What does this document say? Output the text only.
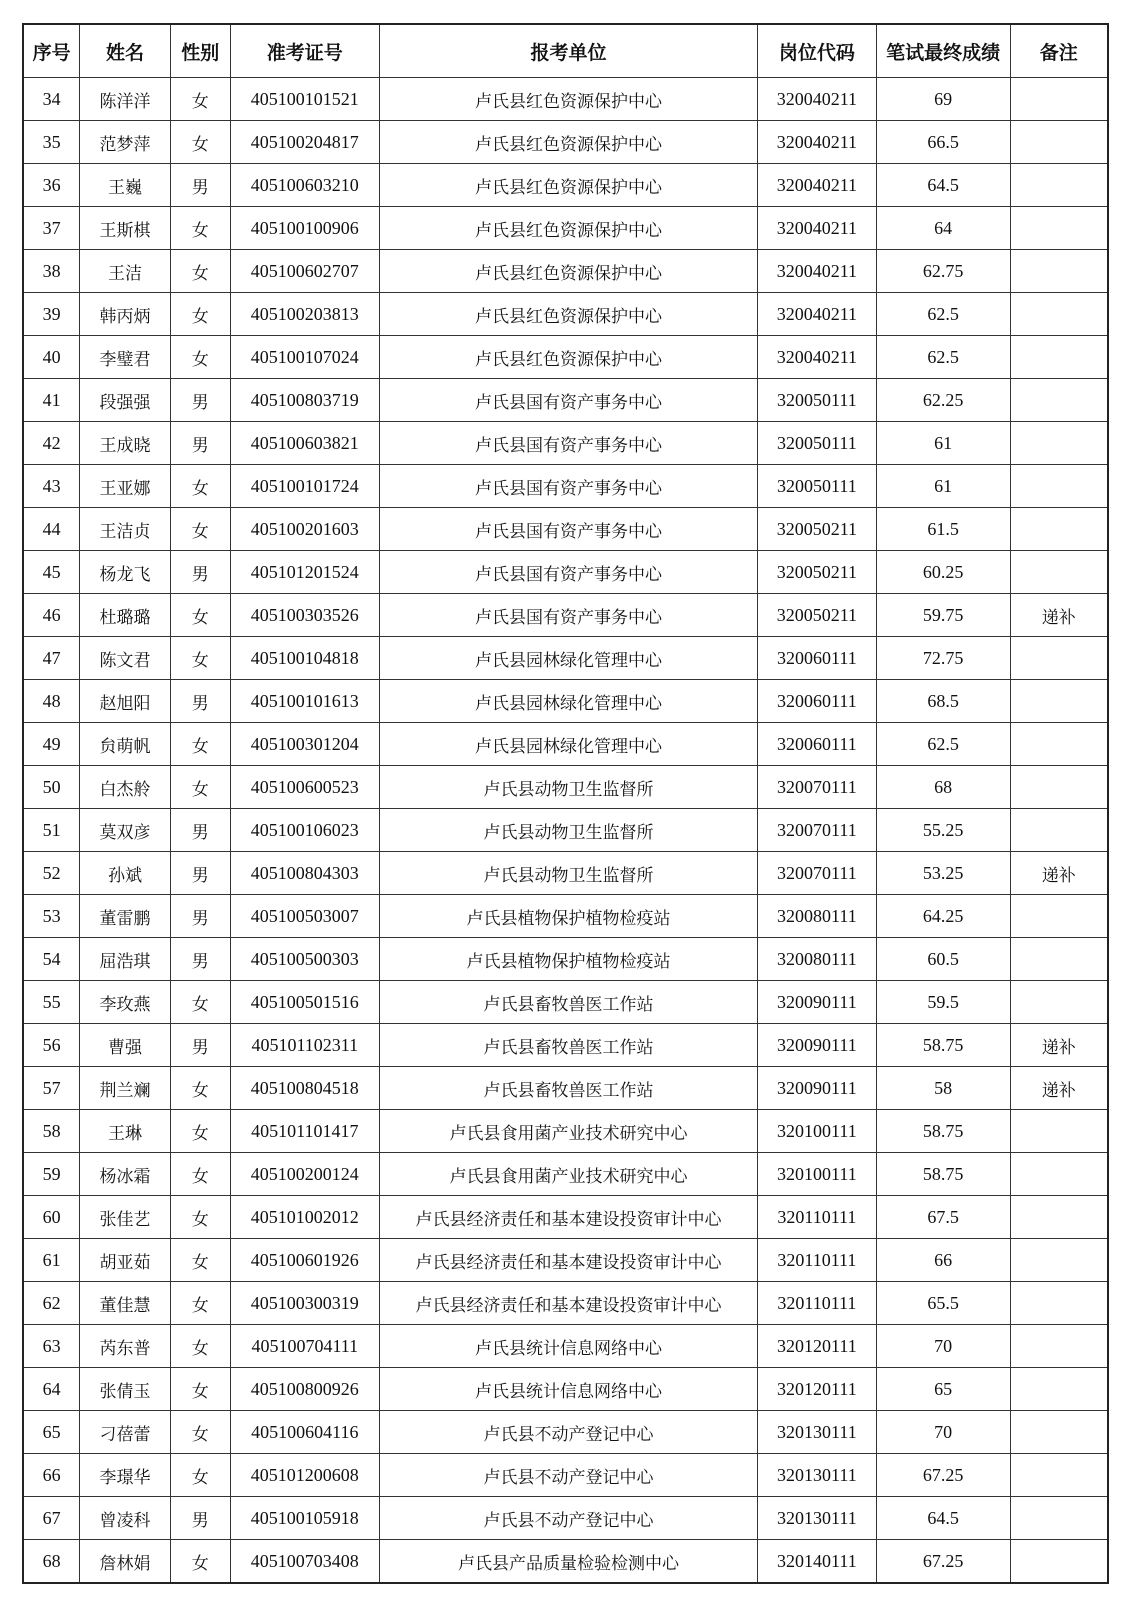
序号	姓名	性别	准考证号	报考单位	岗位代码	笔试最终成绩	备注
34	陈洋洋	女	405100101521	卢氏县红色资源保护中心	320040211	69	
35	范梦萍	女	405100204817	卢氏县红色资源保护中心	320040211	66.5	
36	王巍	男	405100603210	卢氏县红色资源保护中心	320040211	64.5	
37	王斯棋	女	405100100906	卢氏县红色资源保护中心	320040211	64	
38	王洁	女	405100602707	卢氏县红色资源保护中心	320040211	62.75	
39	韩丙炳	女	405100203813	卢氏县红色资源保护中心	320040211	62.5	
40	李璧君	女	405100107024	卢氏县红色资源保护中心	320040211	62.5	
41	段强强	男	405100803719	卢氏县国有资产事务中心	320050111	62.25	
42	王成晓	男	405100603821	卢氏县国有资产事务中心	320050111	61	
43	王亚娜	女	405100101724	卢氏县国有资产事务中心	320050111	61	
44	王洁贞	女	405100201603	卢氏县国有资产事务中心	320050211	61.5	
45	杨龙飞	男	405101201524	卢氏县国有资产事务中心	320050211	60.25	
46	杜璐璐	女	405100303526	卢氏县国有资产事务中心	320050211	59.75	递补
47	陈文君	女	405100104818	卢氏县园林绿化管理中心	320060111	72.75	
48	赵旭阳	男	405100101613	卢氏县园林绿化管理中心	320060111	68.5	
49	贠萌帆	女	405100301204	卢氏县园林绿化管理中心	320060111	62.5	
50	白杰舲	女	405100600523	卢氏县动物卫生监督所	320070111	68	
51	莫双彦	男	405100106023	卢氏县动物卫生监督所	320070111	55.25	
52	孙斌	男	405100804303	卢氏县动物卫生监督所	320070111	53.25	递补
53	董雷鹏	男	405100503007	卢氏县植物保护植物检疫站	320080111	64.25	
54	屈浩琪	男	405100500303	卢氏县植物保护植物检疫站	320080111	60.5	
55	李玫燕	女	405100501516	卢氏县畜牧兽医工作站	320090111	59.5	
56	曹强	男	405101102311	卢氏县畜牧兽医工作站	320090111	58.75	递补
57	荆兰斓	女	405100804518	卢氏县畜牧兽医工作站	320090111	58	递补
58	王琳	女	405101101417	卢氏县食用菌产业技术研究中心	320100111	58.75	
59	杨冰霜	女	405100200124	卢氏县食用菌产业技术研究中心	320100111	58.75	
60	张佳艺	女	405101002012	卢氏县经济责任和基本建设投资审计中心	320110111	67.5	
61	胡亚茹	女	405100601926	卢氏县经济责任和基本建设投资审计中心	320110111	66	
62	董佳慧	女	405100300319	卢氏县经济责任和基本建设投资审计中心	320110111	65.5	
63	芮东普	女	405100704111	卢氏县统计信息网络中心	320120111	70	
64	张倩玉	女	405100800926	卢氏县统计信息网络中心	320120111	65	
65	刁蓓蕾	女	405100604116	卢氏县不动产登记中心	320130111	70	
66	李璟华	女	405101200608	卢氏县不动产登记中心	320130111	67.25	
67	曾凌科	男	405100105918	卢氏县不动产登记中心	320130111	64.5	
68	詹林娟	女	405100703408	卢氏县产品质量检验检测中心	320140111	67.25	
